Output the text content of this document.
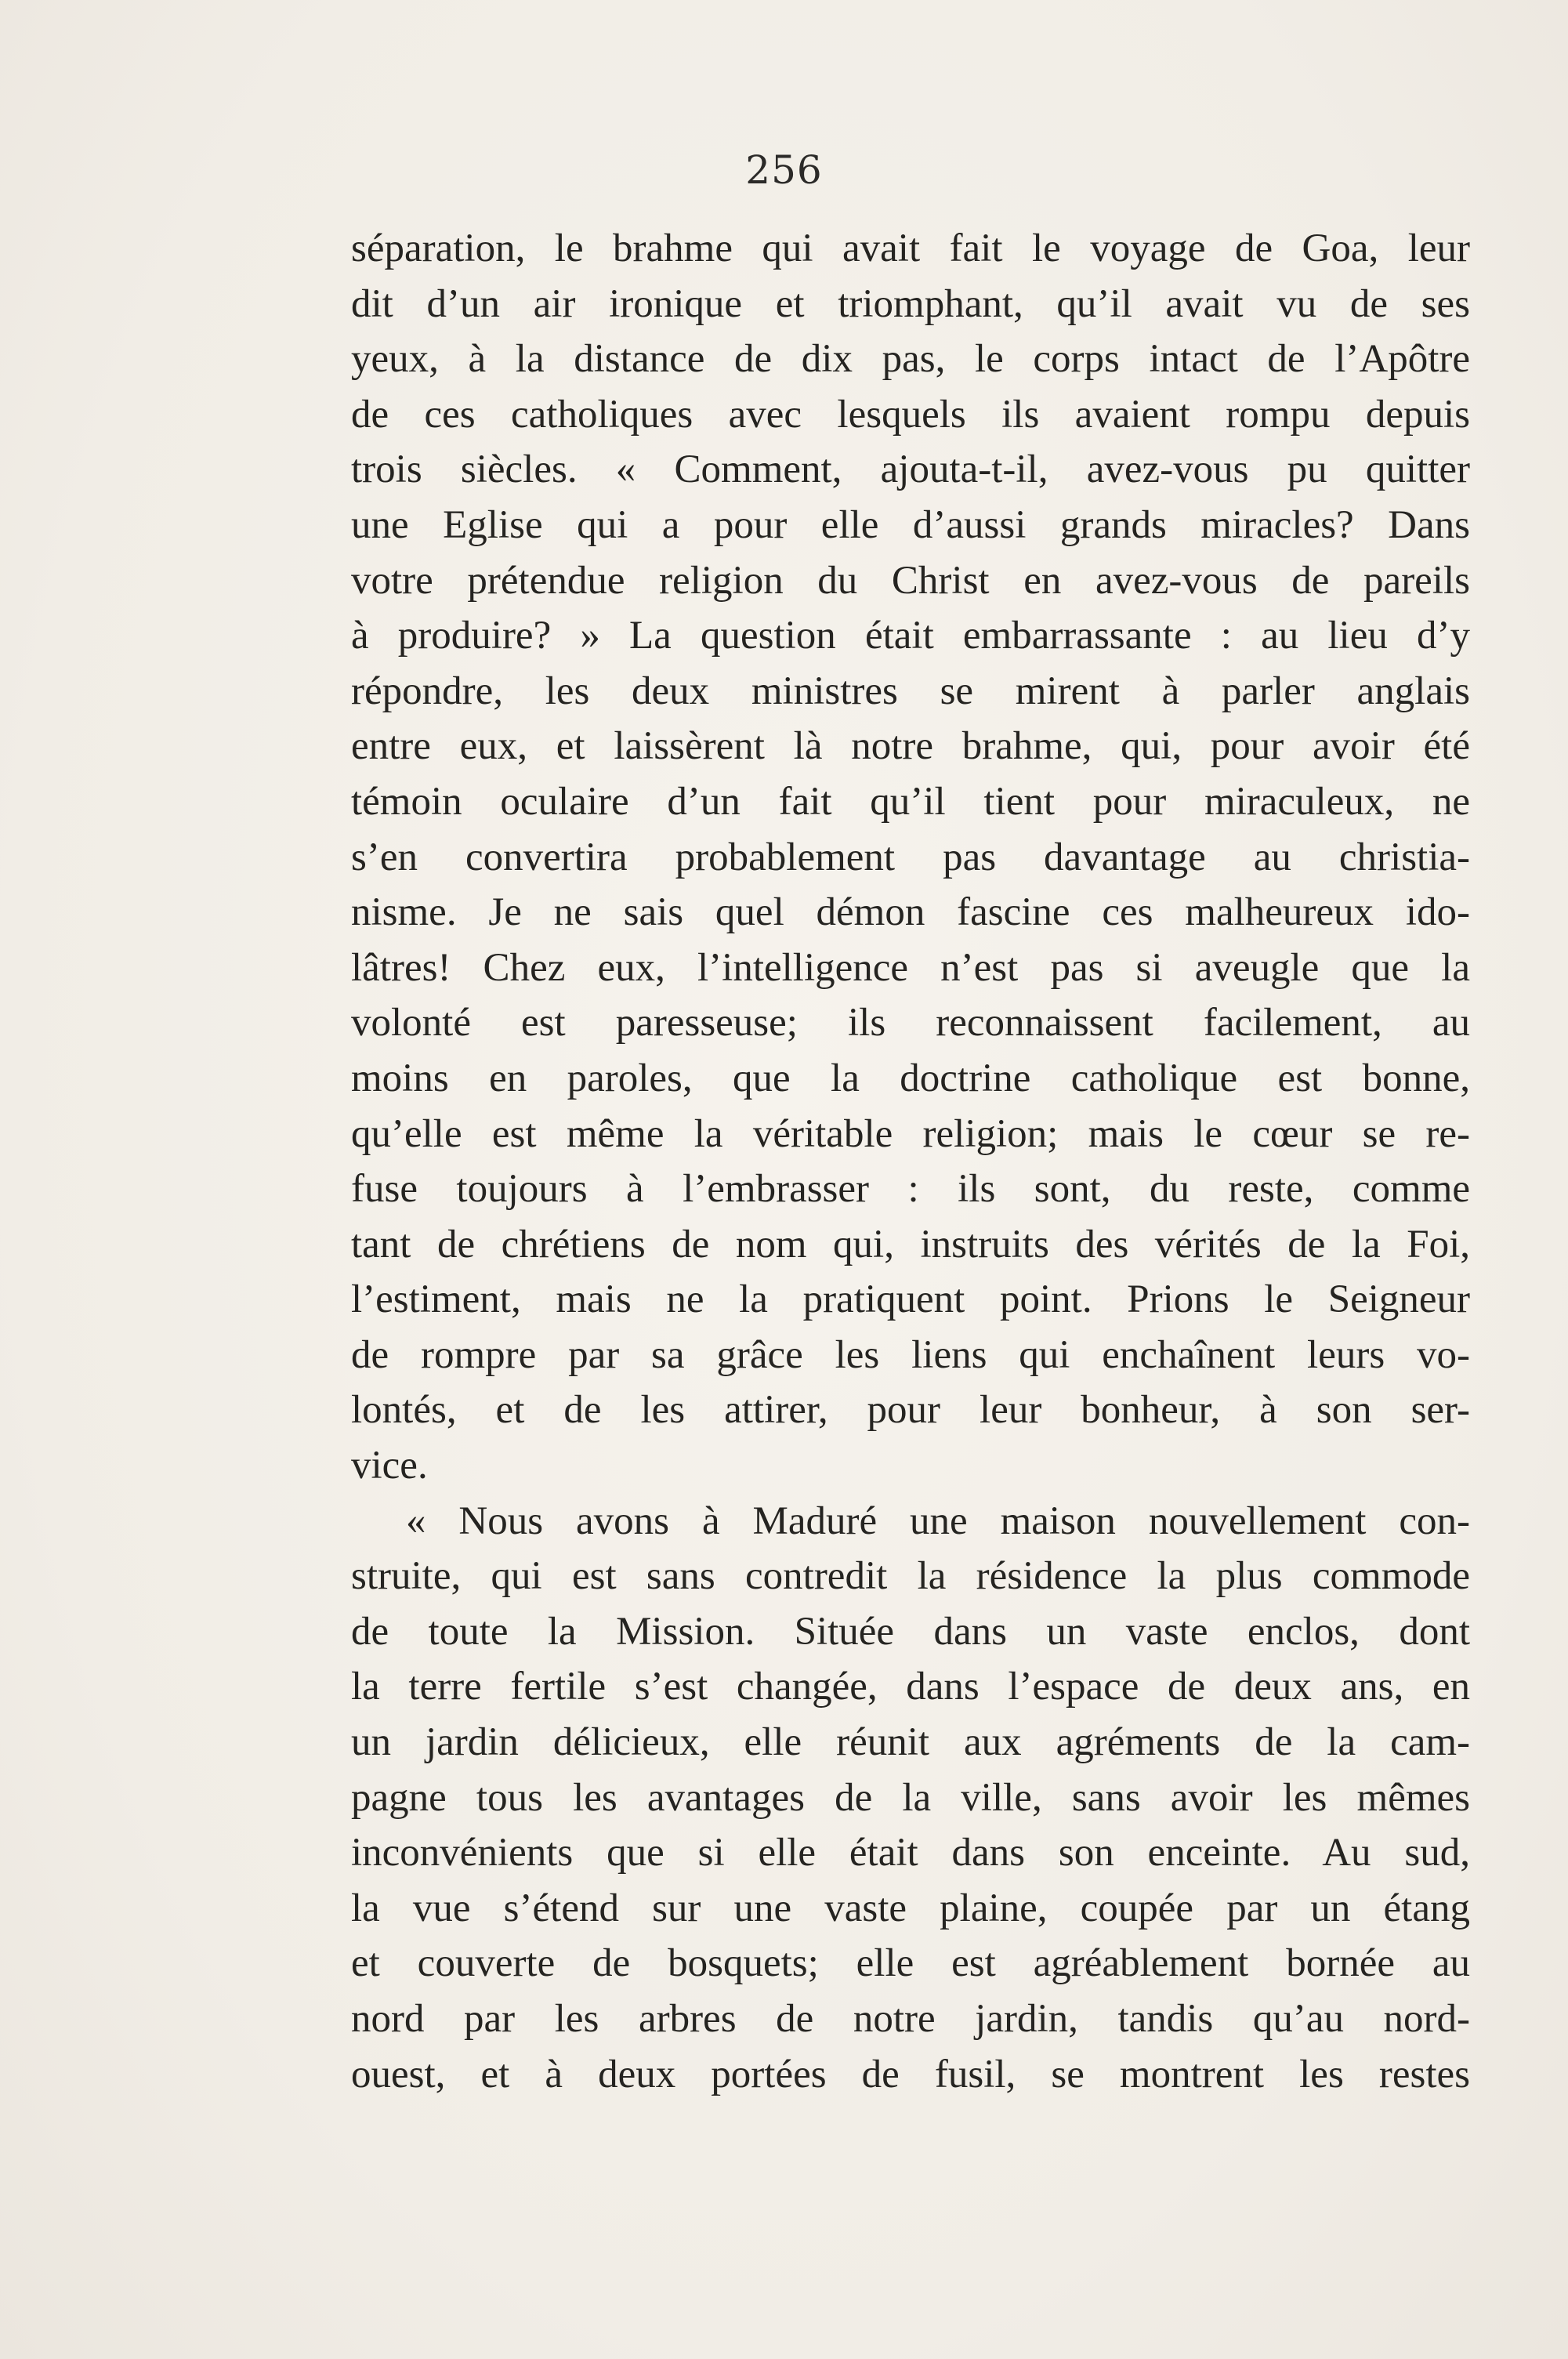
256
séparation, le brahme qui avait fait le voyage de Goa, leur
dit d’un air ironique et triomphant, qu’il avait vu de ses
yeux, à la distance de dix pas, le corps intact de l’Apôtre
de ces catholiques avec lesquels ils avaient rompu depuis
trois siècles. « Comment, ajouta-t-il, avez-vous pu quitter
une Eglise qui a pour elle d’aussi grands miracles? Dans
votre prétendue religion du Christ en avez-vous de pareils
à produire? » La question était embarrassante : au lieu d’y
répondre, les deux ministres se mirent à parler anglais
entre eux, et laissèrent là notre brahme, qui, pour avoir été
témoin oculaire d’un fait qu’il tient pour miraculeux, ne
s’en convertira probablement pas davantage au christia-
nisme. Je ne sais quel démon fascine ces malheureux ido-
lâtres! Chez eux, l’intelligence n’est pas si aveugle que la
volonté est paresseuse; ils reconnaissent facilement, au
moins en paroles, que la doctrine catholique est bonne,
qu’elle est même la véritable religion; mais le cœur se re-
fuse toujours à l’embrasser : ils sont, du reste, comme
tant de chrétiens de nom qui, instruits des vérités de la Foi,
l’estiment, mais ne la pratiquent point. Prions le Seigneur
de rompre par sa grâce les liens qui enchaînent leurs vo-
lontés, et de les attirer, pour leur bonheur, à son ser-
vice.
« Nous avons à Maduré une maison nouvellement con-
struite, qui est sans contredit la résidence la plus commode
de toute la Mission. Située dans un vaste enclos, dont
la terre fertile s’est changée, dans l’espace de deux ans, en
un jardin délicieux, elle réunit aux agréments de la cam-
pagne tous les avantages de la ville, sans avoir les mêmes
inconvénients que si elle était dans son enceinte. Au sud,
la vue s’étend sur une vaste plaine, coupée par un étang
et couverte de bosquets; elle est agréablement bornée au
nord par les arbres de notre jardin, tandis qu’au nord-
ouest, et à deux portées de fusil, se montrent les restes
